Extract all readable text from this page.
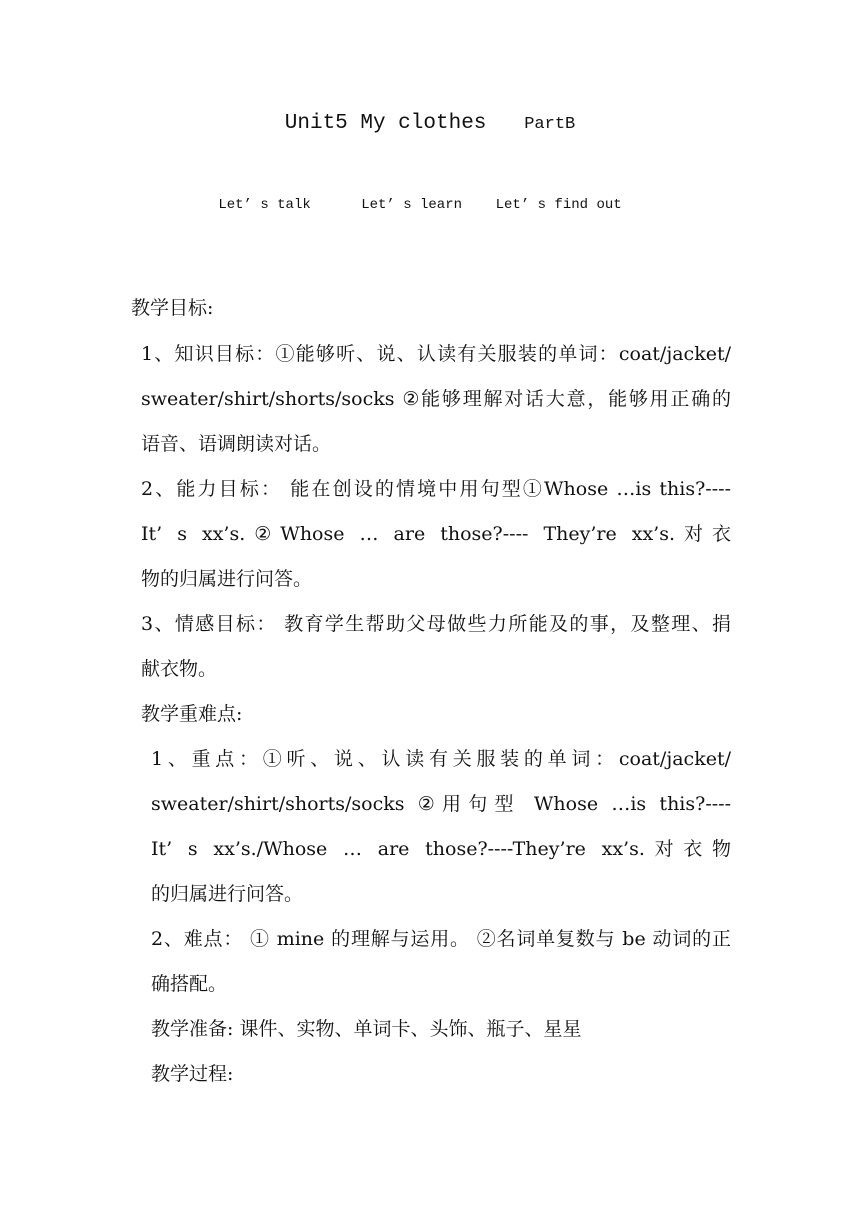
Unit5 My clothes PartB
Let’ s talk	Let’ s learn Let’ s find out
教学目标:
1、知识目标：①能够听、说、认读有关服装的单词：coat/jacket/
sweater/shirt/shorts/socks ②能够理解对话大意，能够用正确的
语音、语调朗读对话。
2、能力目标： 能在创设的情境中用句型①Whose …is this?----
It’ s xx’s.②Whose … are those?---- They’re xx’s.对衣
物的归属进行问答。
3、情感目标： 教育学生帮助父母做些力所能及的事，及整理、捐
献衣物。
教学重难点:
1、重点：①听、说、认读有关服装的单词：coat/jacket/
sweater/shirt/shorts/socks ②用句型 Whose …is this?----
It’ s xx’s./Whose … are those?----They’re xx’s.对衣物
的归属进行问答。
2、难点： ① mine 的理解与运用。 ②名词单复数与 be 动词的正
确搭配。
教学准备: 课件、实物、单词卡、头饰、瓶子、星星
教学过程:
